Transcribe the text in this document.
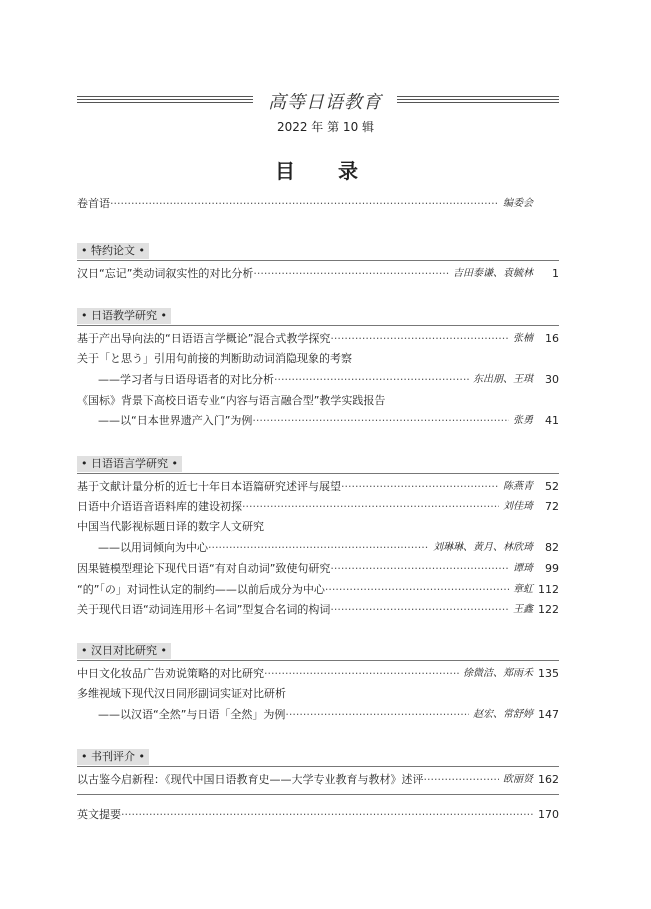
高等日语教育
2022 年 第 10 辑
目 录
卷首语 ·····	编委会
• 特约论文 •
汉日“忘记”类动词叙实性的对比分析 ·····	吉田泰谦、袁毓林	1
• 日语教学研究 •
基于产出导向法的“日语语言学概论”混合式教学探究 ·····	张楠	16
关于「と思う」引用句前接的判断助动词消隐现象的考察
——学习者与日语母语者的对比分析 ·····	东出朋、王琪	30
《国标》背景下高校日语专业“内容与语言融合型”教学实践报告
——以“日本世界遗产入门”为例 ·····	张勇	41
• 日语语言学研究 •
基于文献计量分析的近七十年日本语篇研究述评与展望 ·····	陈燕青	52
日语中介语语音语料库的建设初探 ·····	刘佳琦	72
中国当代影视标题日译的数字人文研究
——以用词倾向为中心 ·····	刘琳琳、黄月、林欣琦	82
因果链模型理论下现代日语“有对自动词”致使句研究 ·····	谭琦	99
“的”「の」对词性认定的制约——以前后成分为中心 ·····	章虹 112
关于现代日语“动词连用形＋名词”型复合名词的构词 ·····	王鑫 122
• 汉日对比研究 •
中日文化妆品广告劝说策略的对比研究 ·····	徐微洁、郑雨禾 135
多维视域下现代汉日同形副词实证对比研析
——以汉语“全然”与日语「全然」为例 ·····	赵宏、常舒婷 147
• 书刊评介 •
以古鉴今启新程：《现代中国日语教育史——大学专业教育与教材》述评 ·····	欧丽贤 162
英文提要 ·····	170
